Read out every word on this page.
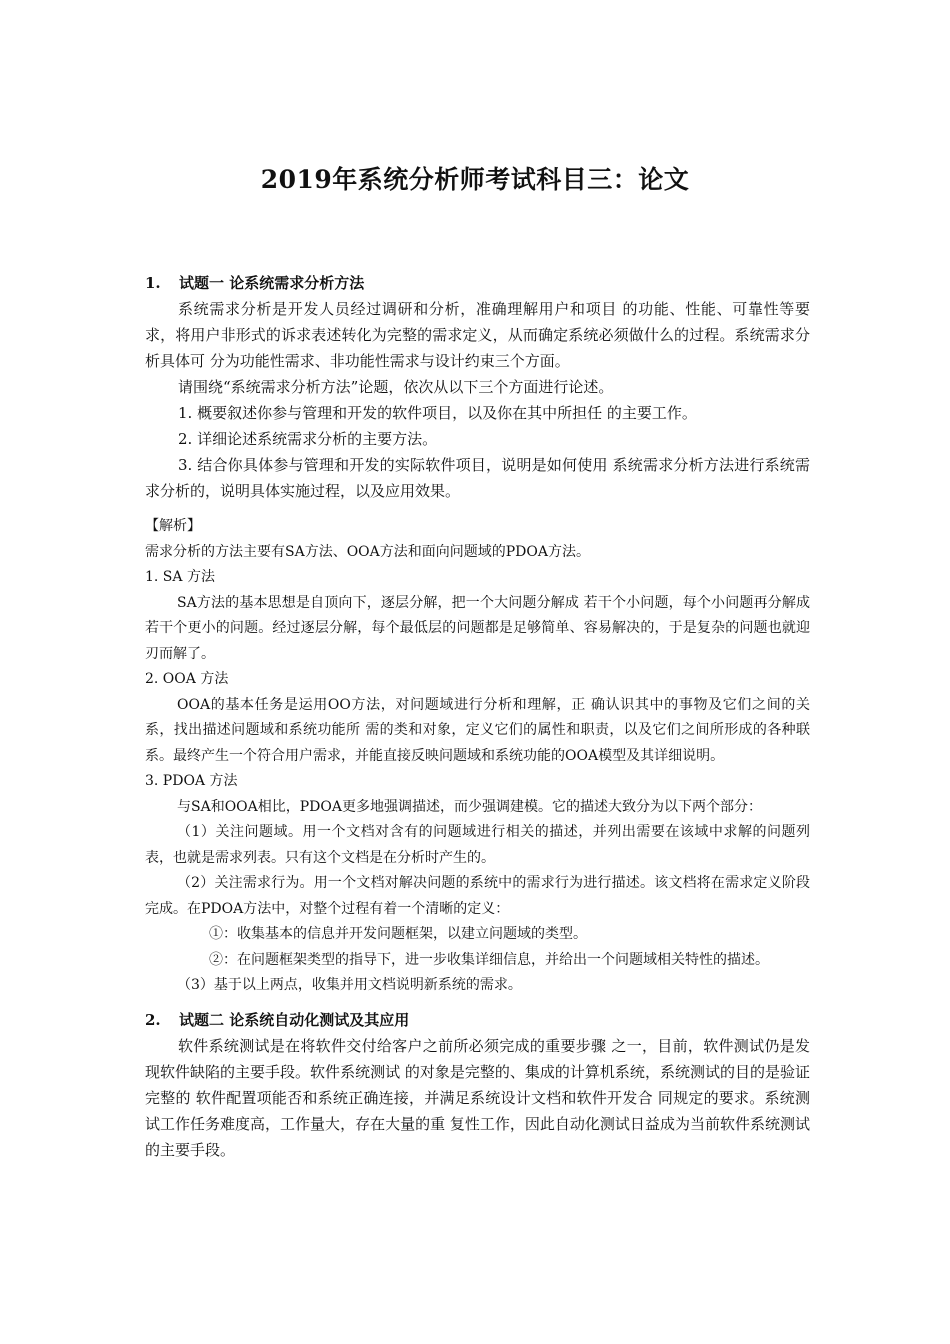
2019年系统分析师考试科目三：论文
1. 试题一 论系统需求分析方法

系统需求分析是开发人员经过调研和分析，准确理解用户和项目 的功能、性能、可靠性等要求，将用户非形式的诉求表述转化为完整的需求定义，从而确定系统必须做什么的过程。系统需求分析具体可 分为功能性需求、非功能性需求与设计约束三个方面。

请围绕“系统需求分析方法”论题，依次从以下三个方面进行论述。

1. 概要叙述你参与管理和开发的软件项目，以及你在其中所担任 的主要工作。

2. 详细论述系统需求分析的主要方法。

3. 结合你具体参与管理和开发的实际软件项目，说明是如何使用 系统需求分析方法进行系统需求分析的，说明具体实施过程，以及应用效果。

【解析】

需求分析的方法主要有SA方法、OOA方法和面向问题域的PDOA方法。

1. SA 方法

SA方法的基本思想是自顶向下，逐层分解，把一个大问题分解成 若干个小问题，每个小问题再分解成若干个更小的问题。经过逐层分解，每个最低层的问题都是足够简单、容易解决的，于是复杂的问题也就迎刃而解了。

2. OOA 方法

OOA的基本任务是运用OO方法，对问题域进行分析和理解，正 确认识其中的事物及它们之间的关系，找出描述问题域和系统功能所 需的类和对象，定义它们的属性和职责，以及它们之间所形成的各种联系。最终产生一个符合用户需求，并能直接反映问题域和系统功能的OOA模型及其详细说明。

3. PDOA 方法

与SA和OOA相比，PDOA更多地强调描述，而少强调建模。它的描述大致分为以下两个部分：

（1）关注问题域。用一个文档对含有的问题域进行相关的描述，并列出需要在该域中求解的问题列表，也就是需求列表。只有这个文档是在分析时产生的。

（2）关注需求行为。用一个文档对解决问题的系统中的需求行为进行描述。该文档将在需求定义阶段完成。在PDOA方法中，对整个过程有着一个清晰的定义：

①：收集基本的信息并开发问题框架，以建立问题域的类型。

②：在问题框架类型的指导下，进一步收集详细信息，并给出一个问题域相关特性的描述。

（3）基于以上两点，收集并用文档说明新系统的需求。

2. 试题二 论系统自动化测试及其应用

软件系统测试是在将软件交付给客户之前所必须完成的重要步骤 之一，目前，软件测试仍是发现软件缺陷的主要手段。软件系统测试 的对象是完整的、集成的计算机系统，系统测试的目的是验证完整的 软件配置项能否和系统正确连接，并满足系统设计文档和软件开发合 同规定的要求。系统测试工作任务难度高，工作量大，存在大量的重 复性工作，因此自动化测试日益成为当前软件系统测试的主要手段。
